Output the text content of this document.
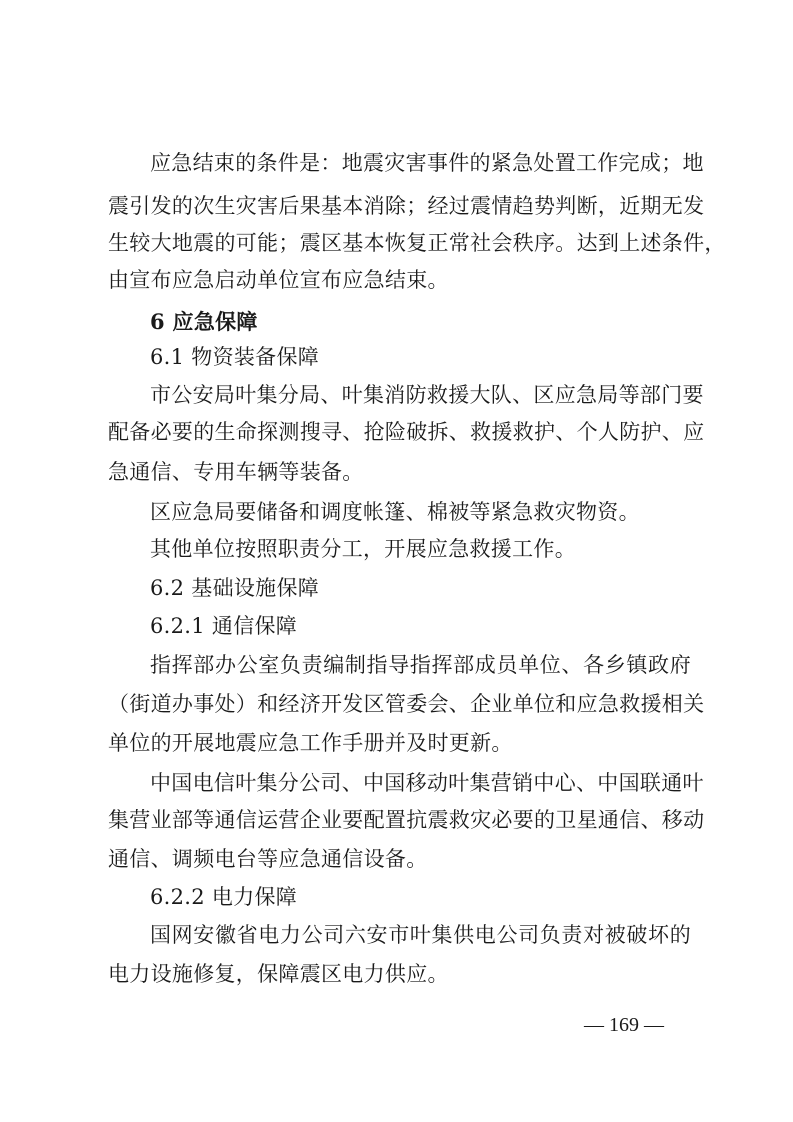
应急结束的条件是：地震灾害事件的紧急处置工作完成；地

震引发的次生灾害后果基本消除；经过震情趋势判断，近期无发

生较大地震的可能；震区基本恢复正常社会秩序。达到上述条件，

由宣布应急启动单位宣布应急结束。

6 应急保障

6.1 物资装备保障

市公安局叶集分局、叶集消防救援大队、区应急局等部门要

配备必要的生命探测搜寻、抢险破拆、救援救护、个人防护、应

急通信、专用车辆等装备。

区应急局要储备和调度帐篷、棉被等紧急救灾物资。

其他单位按照职责分工，开展应急救援工作。

6.2 基础设施保障

6.2.1 通信保障

指挥部办公室负责编制指导指挥部成员单位、各乡镇政府

（街道办事处）和经济开发区管委会、企业单位和应急救援相关

单位的开展地震应急工作手册并及时更新。

中国电信叶集分公司、中国移动叶集营销中心、中国联通叶

集营业部等通信运营企业要配置抗震救灾必要的卫星通信、移动

通信、调频电台等应急通信设备。

6.2.2 电力保障

国网安徽省电力公司六安市叶集供电公司负责对被破坏的

电力设施修复，保障震区电力供应。

— 169 —
